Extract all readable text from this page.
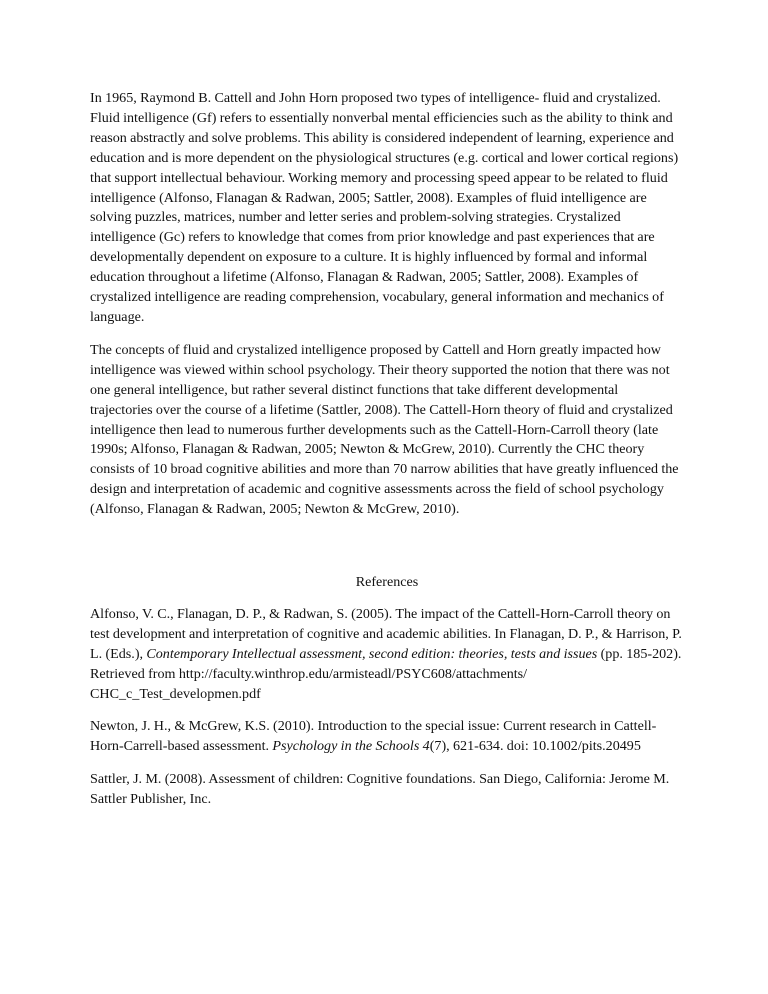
In 1965, Raymond B. Cattell and John Horn proposed two types of intelligence- fluid and crystalized. Fluid intelligence (Gf) refers to essentially nonverbal mental efficiencies such as the ability to think and reason abstractly and solve problems. This ability is considered independent of learning, experience and education and is more dependent on the physiological structures (e.g. cortical and lower cortical regions) that support intellectual behaviour. Working memory and processing speed appear to be related to fluid intelligence (Alfonso, Flanagan & Radwan, 2005; Sattler, 2008). Examples of fluid intelligence are solving puzzles, matrices, number and letter series and problem-solving strategies. Crystalized intelligence (Gc) refers to knowledge that comes from prior knowledge and past experiences that are developmentally dependent on exposure to a culture. It is highly influenced by formal and informal education throughout a lifetime (Alfonso, Flanagan & Radwan, 2005; Sattler, 2008). Examples of crystalized intelligence are reading comprehension, vocabulary, general information and mechanics of language.

The concepts of fluid and crystalized intelligence proposed by Cattell and Horn greatly impacted how intelligence was viewed within school psychology. Their theory supported the notion that there was not one general intelligence, but rather several distinct functions that take different developmental trajectories over the course of a lifetime (Sattler, 2008). The Cattell-Horn theory of fluid and crystalized intelligence then lead to numerous further developments such as the Cattell-Horn-Carroll theory (late 1990s; Alfonso, Flanagan & Radwan, 2005; Newton & McGrew, 2010). Currently the CHC theory consists of 10 broad cognitive abilities and more than 70 narrow abilities that have greatly influenced the design and interpretation of academic and cognitive assessments across the field of school psychology (Alfonso, Flanagan & Radwan, 2005; Newton & McGrew, 2010).

References

Alfonso, V. C., Flanagan, D. P., & Radwan, S. (2005). The impact of the Cattell-Horn-Carroll theory on test development and interpretation of cognitive and academic abilities. In Flanagan, D. P., & Harrison, P. L. (Eds.), Contemporary Intellectual assessment, second edition: theories, tests and issues (pp. 185-202). Retrieved from http://faculty.winthrop.edu/armisteadl/PSYC608/attachments/ CHC_c_Test_developmen.pdf

Newton, J. H., & McGrew, K.S. (2010). Introduction to the special issue: Current research in Cattell-Horn-Carrell-based assessment. Psychology in the Schools 4(7), 621-634. doi: 10.1002/pits.20495

Sattler, J. M. (2008). Assessment of children: Cognitive foundations. San Diego, California: Jerome M. Sattler Publisher, Inc.
